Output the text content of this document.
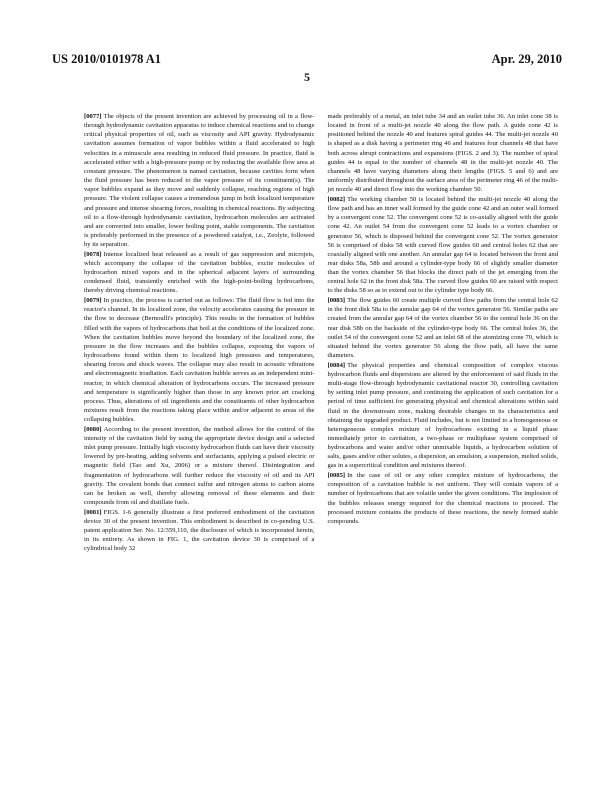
US 2010/0101978 A1	Apr. 29, 2010
5

[0077] The objects of the present invention are achieved by processing oil in a flow-through hydrodynamic cavitation apparatus to induce chemical reactions and to change critical physical properties of oil, such as viscosity and API gravity. Hydrodynamic cavitation assumes formation of vapor bubbles within a fluid accelerated to high velocities in a minuscule area resulting in reduced fluid pressure. In practice, fluid is accelerated either with a high-pressure pump or by reducing the available flow area at constant pressure. The phenomenon is named cavitation, because cavities form when the fluid pressure has been reduced to the vapor pressure of its constituent(s). The vapor bubbles expand as they move and suddenly collapse, reaching regions of high pressure. The violent collapse causes a tremendous jump in both localized temperature and pressure and intense shearing forces, resulting in chemical reactions. By subjecting oil to a flow-through hydrodynamic cavitation, hydrocarbon molecules are activated and are converted into smaller, lower boiling point, stable components. The cavitation is preferably performed in the presence of a powdered catalyst, i.e., Zeolyte, followed by its separation.

[0078] Intense localized heat released as a result of gas suppression and microjets, which accompany the collapse of the cavitation bubbles, excite molecules of hydrocarbon mixed vapors and in the spherical adjacent layers of surrounding condensed fluid, transiently enriched with the high-point-boiling hydrocarbons, thereby driving chemical reactions.

[0079] In practice, the process is carried out as follows: The fluid flow is fed into the reactor's channel. In its localized zone, the velocity accelerates causing the pressure in the flow to decrease (Bernoulli's principle). This results in the formation of bubbles filled with the vapors of hydrocarbons that boil at the conditions of the localized zone. When the cavitation bubbles move beyond the boundary of the localized zone, the pressure in the flow increases and the bubbles collapse, exposing the vapors of hydrocarbons found within them to localized high pressures and temperatures, shearing forces and shock waves. The collapse may also result in acoustic vibrations and electromagnetic irradiation. Each cavitation bubble serves as an independent mini-reactor, in which chemical alteration of hydrocarbons occurs. The increased pressure and temperature is significantly higher than those in any known prior art cracking process. Thus, alterations of oil ingredients and the constituents of other hydrocarbon mixtures result from the reactions taking place within and/or adjacent to areas of the collapsing bubbles.

[0080] According to the present invention, the method allows for the control of the intensity of the cavitation field by using the appropriate device design and a selected inlet pump pressure. Initially high viscosity hydrocarbon fluids can have their viscosity lowered by pre-heating, adding solvents and surfactants, applying a pulsed electric or magnetic field (Tao and Xu, 2006) or a mixture thereof. Disintegration and fragmentation of hydrocarbons will further reduce the viscosity of oil and its API gravity. The covalent bonds that connect sulfur and nitrogen atoms to carbon atoms can be broken as well, thereby allowing removal of these elements and their compounds from oil and distillate fuels.

[0081] FIGS. 1-6 generally illustrate a first preferred embodiment of the cavitation device 30 of the present invention. This embodiment is described in co-pending U.S. patent application Ser. No. 12/359,110, the disclosure of which is incorporated herein, in its entirety. As shown in FIG. 1, the cavitation device 30 is comprised of a cylindrical body 32

made preferably of a metal, an inlet tube 34 and an outlet tube 36. An inlet cone 38 is located in front of a multi-jet nozzle 40 along the flow path. A guide cone 42 is positioned behind the nozzle 40 and features spiral guides 44. The multi-jet nozzle 40 is shaped as a disk having a perimeter ring 46 and features four channels 48 that have both across abrupt contractions and expansions (FIGS. 2 and 3). The number of spiral guides 44 is equal to the number of channels 48 in the multi-jet nozzle 40. The channels 48 have varying diameters along their lengths (FIGS. 5 and 6) and are uniformly distributed throughout the surface area of the perimeter ring 46 of the multi-jet nozzle 40 and direct flow into the working chamber 50.

[0082] The working chamber 50 is located behind the multi-jet nozzle 40 along the flow path and has an inner wall formed by the guide cone 42 and an outer wall formed by a convergent cone 52. The convergent cone 52 is co-axially aligned with the guide cone 42. An outlet 54 from the convergent cone 52 leads to a vortex chamber or generator 56, which is disposed behind the convergent cone 52. The vortex generator 56 is comprised of disks 58 with curved flow guides 60 and central holes 62 that are coaxially aligned with one another. An annular gap 64 is located between the front and rear disks 58a, 58b and around a cylinder-type body 66 of slightly smaller diameter than the vortex chamber 56 that blocks the direct path of the jet emerging from the central hole 62 in the front disk 58a. The curved flow guides 60 are raised with respect to the disks 58 so as to extend out to the cylinder type body 66.

[0083] The flow guides 60 create multiple curved flow paths from the central hole 62 in the front disk 58a to the annular gap 64 of the vortex generator 56. Similar paths are created from the annular gap 64 of the vortex chamber 56 to the central hole 36 on the rear disk 58b on the backside of the cylinder-type body 66. The central holes 36, the outlet 54 of the convergent cone 52 and an inlet 68 of the atomizing cone 70, which is situated behind the vortex generator 56 along the flow path, all have the same diameters.

[0084] The physical properties and chemical composition of complex viscous hydrocarbon fluids and dispersions are altered by the enforcement of said fluids in the multi-stage flow-through hydrodynamic cavitational reactor 30, controlling cavitation by setting inlet pump pressure, and continuing the application of such cavitation for a period of time sufficient for generating physical and chemical alterations within said fluid in the downstream zone, making desirable changes in its characteristics and obtaining the upgraded product. Fluid includes, but is not limited to a homogeneous or heterogeneous complex mixture of hydrocarbons existing in a liquid phase immediately prior to cavitation, a two-phase or multiphase system comprised of hydrocarbons and water and/or other unmixable liquids, a hydrocarbon solution of salts, gases and/or other solutes, a dispersion, an emulsion, a suspension, melted solids, gas in a supercritical condition and mixtures thereof.

[0085] In the case of oil or any other complex mixture of hydrocarbons, the composition of a cavitation bubble is not uniform. They will contain vapors of a number of hydrocarbons that are volatile under the given conditions. The implosion of the bubbles releases energy required for the chemical reactions to proceed. The processed mixture contains the products of these reactions, the newly formed stable compounds.
